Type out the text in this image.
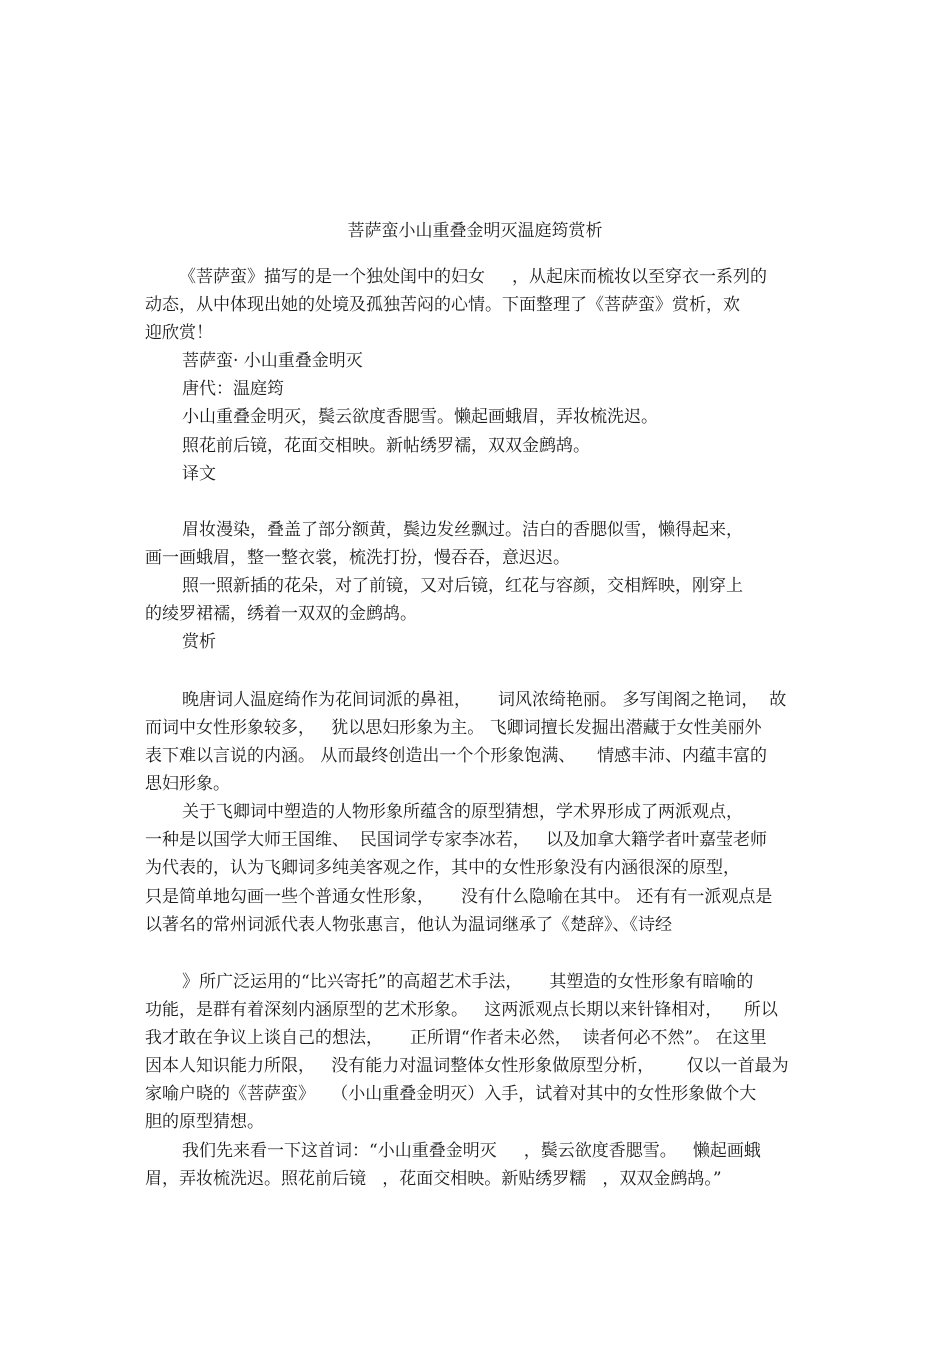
菩萨蛮小山重叠金明灭温庭筠赏析
《菩萨蛮》描写的是一个独处闺中的妇女     ，从起床而梳妆以至穿衣一系列的
动态，从中体现出她的处境及孤独苦闷的心情。下面整理了《菩萨蛮》赏析，欢
迎欣赏！
菩萨蛮· 小山重叠金明灭
唐代：温庭筠
小山重叠金明灭，鬓云欲度香腮雪。懒起画蛾眉，弄妆梳洗迟。
照花前后镜，花面交相映。新帖绣罗襦，双双金鹧鸪。
译文
眉妆漫染，叠盖了部分额黄，鬓边发丝飘过。洁白的香腮似雪，懒得起来，
画一画蛾眉，整一整衣裳，梳洗打扮，慢吞吞，意迟迟。
照一照新插的花朵，对了前镜，又对后镜，红花与容颜，交相辉映，刚穿上
的绫罗裙襦，绣着一双双的金鹧鸪。
赏析
晚唐词人温庭绮作为花间词派的鼻祖，     词风浓绮艳丽。 多写闺阁之艳词，  故
而词中女性形象较多，   犹以思妇形象为主。 飞卿词擅长发掘出潜藏于女性美丽外
表下难以言说的内涵。 从而最终创造出一个个形象饱满、    情感丰沛、内蕴丰富的
思妇形象。
关于飞卿词中塑造的人物形象所蕴含的原型猜想，学术界形成了两派观点，
一种是以国学大师王国维、  民国词学专家李冰若，   以及加拿大籍学者叶嘉莹老师
为代表的，认为飞卿词多纯美客观之作，其中的女性形象没有内涵很深的原型，
只是简单地勾画一些个普通女性形象，     没有什么隐喻在其中。 还有有一派观点是
以著名的常州词派代表人物张惠言，他认为温词继承了《楚辞》、《诗经
》所广泛运用的“比兴寄托”的高超艺术手法，     其塑造的女性形象有暗喻的
功能，是群有着深刻内涵原型的艺术形象。   这两派观点长期以来针锋相对，    所以
我才敢在争议上谈自己的想法，     正所谓“作者未必然，  读者何必不然”。 在这里
因本人知识能力所限，   没有能力对温词整体女性形象做原型分析，      仅以一首最为
家喻户晓的《菩萨蛮》   （小山重叠金明灭）入手，试着对其中的女性形象做个大
胆的原型猜想。
我们先来看一下这首词：“小山重叠金明灭     ，鬓云欲度香腮雪。   懒起画蛾
眉，弄妆梳洗迟。照花前后镜   ，花面交相映。新贴绣罗糯   ，双双金鹧鸪。”
